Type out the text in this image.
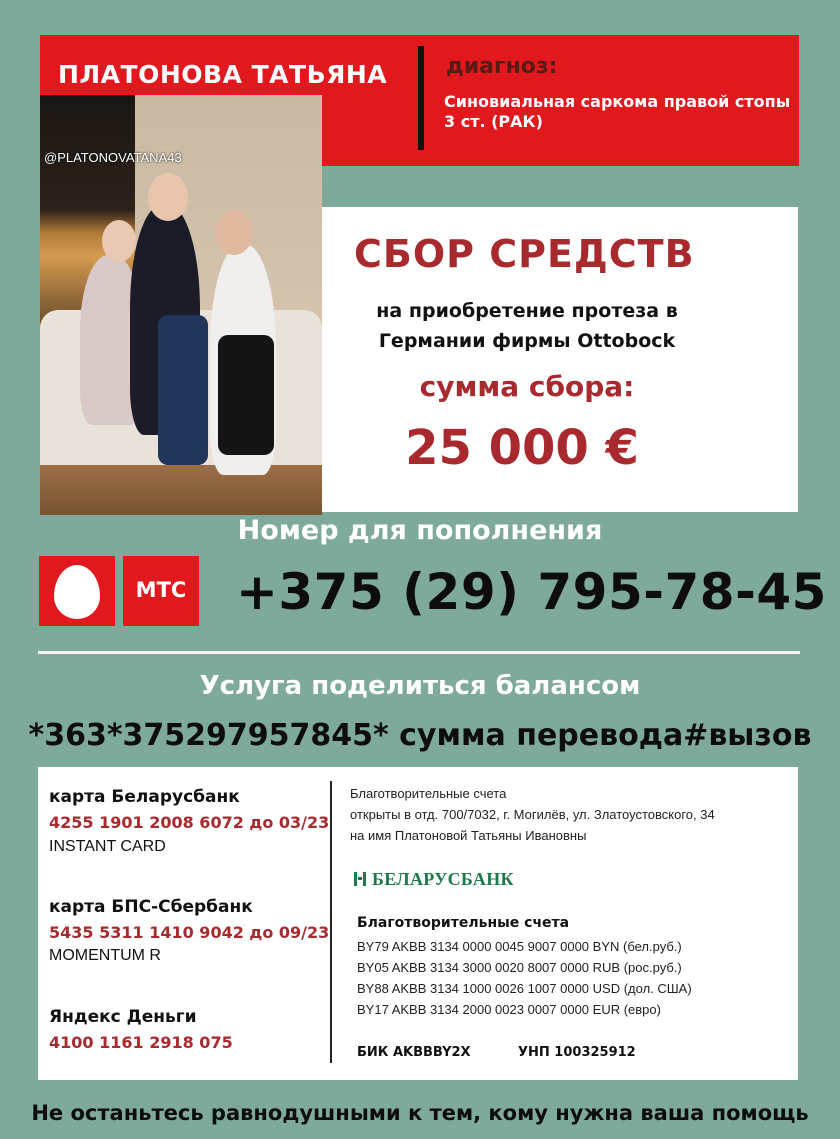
ПЛАТОНОВА ТАТЬЯНА	диагноз:
Синовиальная саркома правой стопы 3 ст. (РАК)
@PLATONOVATANA43
СБОР СРЕДСТВ
на приобретение протеза в
Германии фирмы Ottobock
сумма сбора:
25 000 €
Номер для пополнения
МТС +375 (29) 795-78-45
Услуга поделиться балансом
*363*375297957845* сумма перевода#вызов
карта Беларусбанк
4255 1901 2008 6072 до 03/23
INSTANT CARD
карта БПС-Сбербанк
5435 5311 1410 9042 до 09/23
MOMENTUM R
Яндекс Деньги
4100 1161 2918 075
Благотворительные счета
открыты в отд. 700/7032, г. Могилёв, ул. Златоустовского, 34
на имя Платоновой Татьяны Ивановны
БЕЛАРУСБАНК
Благотворительные счета
BY79 AKBB 3134 0000 0045 9007 0000 BYN (бел.руб.)
BY05 AKBB 3134 3000 0020 8007 0000 RUB (рос.руб.)
BY88 AKBB 3134 1000 0026 1007 0000 USD (дол. США)
BY17 AKBB 3134 2000 0023 0007 0000 EUR (евро)
БИК AKBBBY2X	УНП 100325912
Не останьтесь равнодушными к тем, кому нужна ваша помощь
